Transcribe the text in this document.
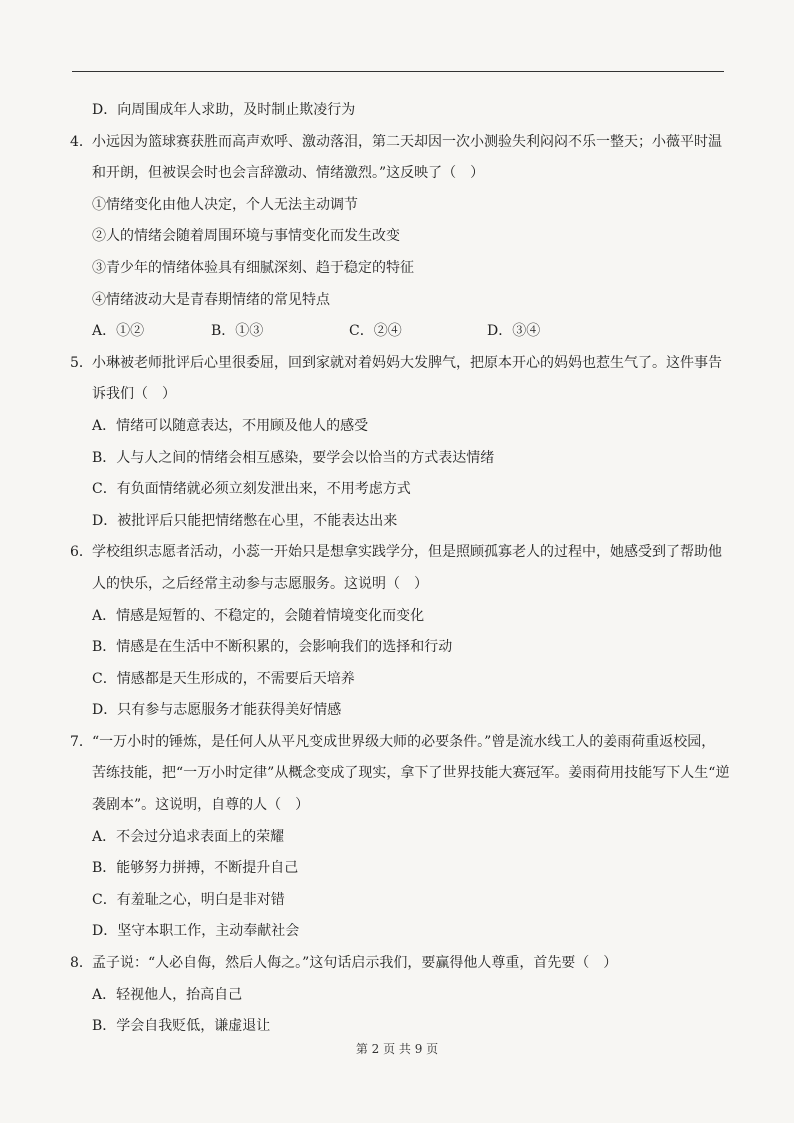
D．向周围成年人求助，及时制止欺凌行为
4． 小远因为篮球赛获胜而高声欢呼、激动落泪，第二天却因一次小测验失利闷闷不乐一整天；小薇平时温
和开朗，但被误会时也会言辞激动、情绪激烈。”这反映了（　）
①情绪变化由他人决定，个人无法主动调节
②人的情绪会随着周围环境与事情变化而发生改变
③青少年的情绪体验具有细腻深刻、趋于稳定的特征
④情绪波动大是青春期情绪的常见特点
A．①②	B．①③	C．②④	D．③④
5． 小琳被老师批评后心里很委屈，回到家就对着妈妈大发脾气，把原本开心的妈妈也惹生气了。这件事告
诉我们（　）
A．情绪可以随意表达，不用顾及他人的感受
B．人与人之间的情绪会相互感染，要学会以恰当的方式表达情绪
C．有负面情绪就必须立刻发泄出来，不用考虑方式
D．被批评后只能把情绪憋在心里，不能表达出来
6． 学校组织志愿者活动，小蕊一开始只是想拿实践学分，但是照顾孤寡老人的过程中，她感受到了帮助他
人的快乐，之后经常主动参与志愿服务。这说明（　）
A．情感是短暂的、不稳定的，会随着情境变化而变化
B．情感是在生活中不断积累的，会影响我们的选择和行动
C．情感都是天生形成的，不需要后天培养
D．只有参与志愿服务才能获得美好情感
7． “一万小时的锤炼，是任何人从平凡变成世界级大师的必要条件。”曾是流水线工人的姜雨荷重返校园，
苦练技能，把“一万小时定律”从概念变成了现实，拿下了世界技能大赛冠军。姜雨荷用技能写下人生“逆
袭剧本”。这说明，自尊的人（　）
A．不会过分追求表面上的荣耀
B．能够努力拼搏，不断提升自己
C．有羞耻之心，明白是非对错
D．坚守本职工作，主动奉献社会
8． 孟子说：“人必自侮，然后人侮之。”这句话启示我们，要赢得他人尊重，首先要（　）
A．轻视他人，抬高自己
B．学会自我贬低，谦虚退让
第 2 页 共 9 页
